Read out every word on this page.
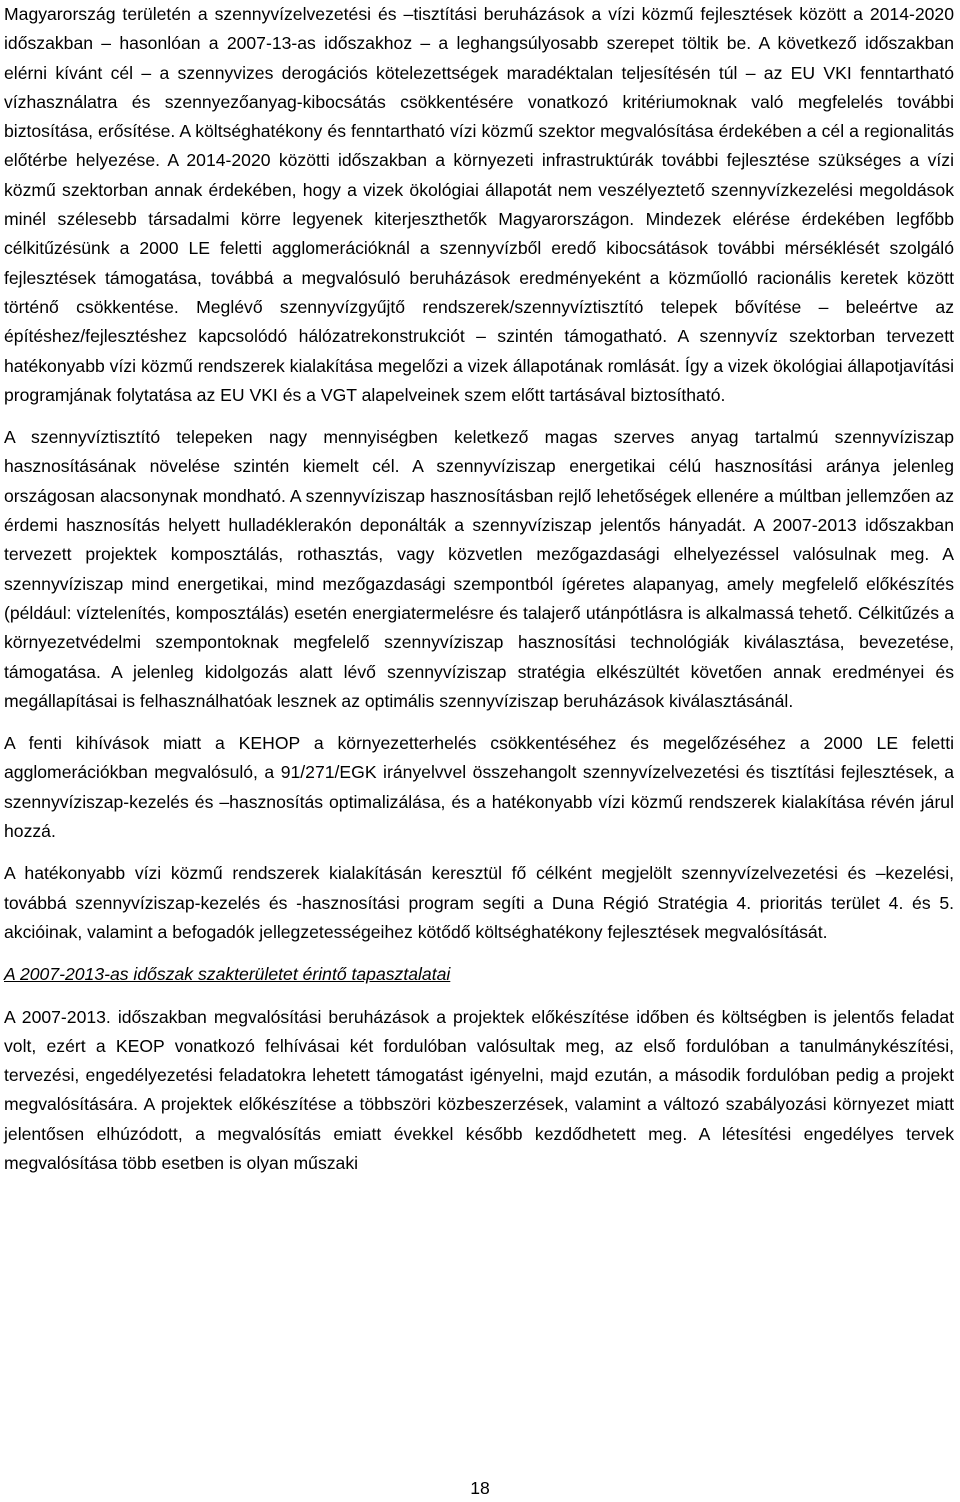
Magyarország területén a szennyvízelvezetési és –tisztítási beruházások a vízi közmű fejlesztések között a 2014-2020 időszakban – hasonlóan a 2007-13-as időszakhoz – a leghangsúlyosabb szerepet töltik be. A következő időszakban elérni kívánt cél – a szennyvizes derogációs kötelezettségek maradéktalan teljesítésén túl – az EU VKI fenntartható vízhasználatra és szennyezőanyag-kibocsátás csökkentésére vonatkozó kritériumoknak való megfelelés további biztosítása, erősítése. A költséghatékony és fenntartható vízi közmű szektor megvalósítása érdekében a cél a regionalitás előtérbe helyezése. A 2014-2020 közötti időszakban a környezeti infrastruktúrák további fejlesztése szükséges a vízi közmű szektorban annak érdekében, hogy a vizek ökológiai állapotát nem veszélyeztető szennyvízkezelési megoldások minél szélesebb társadalmi körre legyenek kiterjeszthetők Magyarországon. Mindezek elérése érdekében legfőbb célkitűzésünk a 2000 LE feletti agglomerációknál a szennyvízből eredő kibocsátások további mérséklését szolgáló fejlesztések támogatása, továbbá a megvalósuló beruházások eredményeként a közműolló racionális keretek között történő csökkentése. Meglévő szennyvízgyűjtő rendszerek/szennyvíztisztító telepek bővítése – beleértve az építéshez/fejlesztéshez kapcsolódó hálózatrekonstrukciót – szintén támogatható. A szennyvíz szektorban tervezett hatékonyabb vízi közmű rendszerek kialakítása megelőzi a vizek állapotának romlását. Így a vizek ökológiai állapotjavítási programjának folytatása az EU VKI és a VGT alapelveinek szem előtt tartásával biztosítható.

A szennyvíztisztító telepeken nagy mennyiségben keletkező magas szerves anyag tartalmú szennyvíziszap hasznosításának növelése szintén kiemelt cél. A szennyvíziszap energetikai célú hasznosítási aránya jelenleg országosan alacsonynak mondható. A szennyvíziszap hasznosításban rejlő lehetőségek ellenére a múltban jellemzően az érdemi hasznosítás helyett hulladéklerakón deponálták a szennyvíziszap jelentős hányadát. A 2007-2013 időszakban tervezett projektek komposztálás, rothasztás, vagy közvetlen mezőgazdasági elhelyezéssel valósulnak meg. A szennyvíziszap mind energetikai, mind mezőgazdasági szempontból ígéretes alapanyag, amely megfelelő előkészítés (például: víztelenítés, komposztálás) esetén energiatermelésre és talajerő utánpótlásra is alkalmassá tehető. Célkitűzés a környezetvédelmi szempontoknak megfelelő szennyvíziszap hasznosítási technológiák kiválasztása, bevezetése, támogatása. A jelenleg kidolgozás alatt lévő szennyvíziszap stratégia elkészültét követően annak eredményei és megállapításai is felhasználhatóak lesznek az optimális szennyvíziszap beruházások kiválasztásánál.

A fenti kihívások miatt a KEHOP a környezetterhelés csökkentéséhez és megelőzéséhez a 2000 LE feletti agglomerációkban megvalósuló, a 91/271/EGK irányelvvel összehangolt szennyvízelvezetési és tisztítási fejlesztések, a szennyvíziszap-kezelés és –hasznosítás optimalizálása, és a hatékonyabb vízi közmű rendszerek kialakítása révén járul hozzá.

A hatékonyabb vízi közmű rendszerek kialakításán keresztül fő célként megjelölt szennyvízelvezetési és –kezelési, továbbá szennyvíziszap-kezelés és -hasznosítási program segíti a Duna Régió Stratégia 4. prioritás terület 4. és 5. akcióinak, valamint a befogadók jellegzetességeihez kötődő költséghatékony fejlesztések megvalósítását.

A 2007-2013-as időszak szakterületet érintő tapasztalatai

A 2007-2013. időszakban megvalósítási beruházások a projektek előkészítése időben és költségben is jelentős feladat volt, ezért a KEOP vonatkozó felhívásai két fordulóban valósultak meg, az első fordulóban a tanulmánykészítési, tervezési, engedélyezetési feladatokra lehetett támogatást igényelni, majd ezután, a második fordulóban pedig a projekt megvalósítására. A projektek előkészítése a többszöri közbeszerzések, valamint a változó szabályozási környezet miatt jelentősen elhúzódott, a megvalósítás emiatt évekkel később kezdődhetett meg. A létesítési engedélyes tervek megvalósítása több esetben is olyan műszaki

18
